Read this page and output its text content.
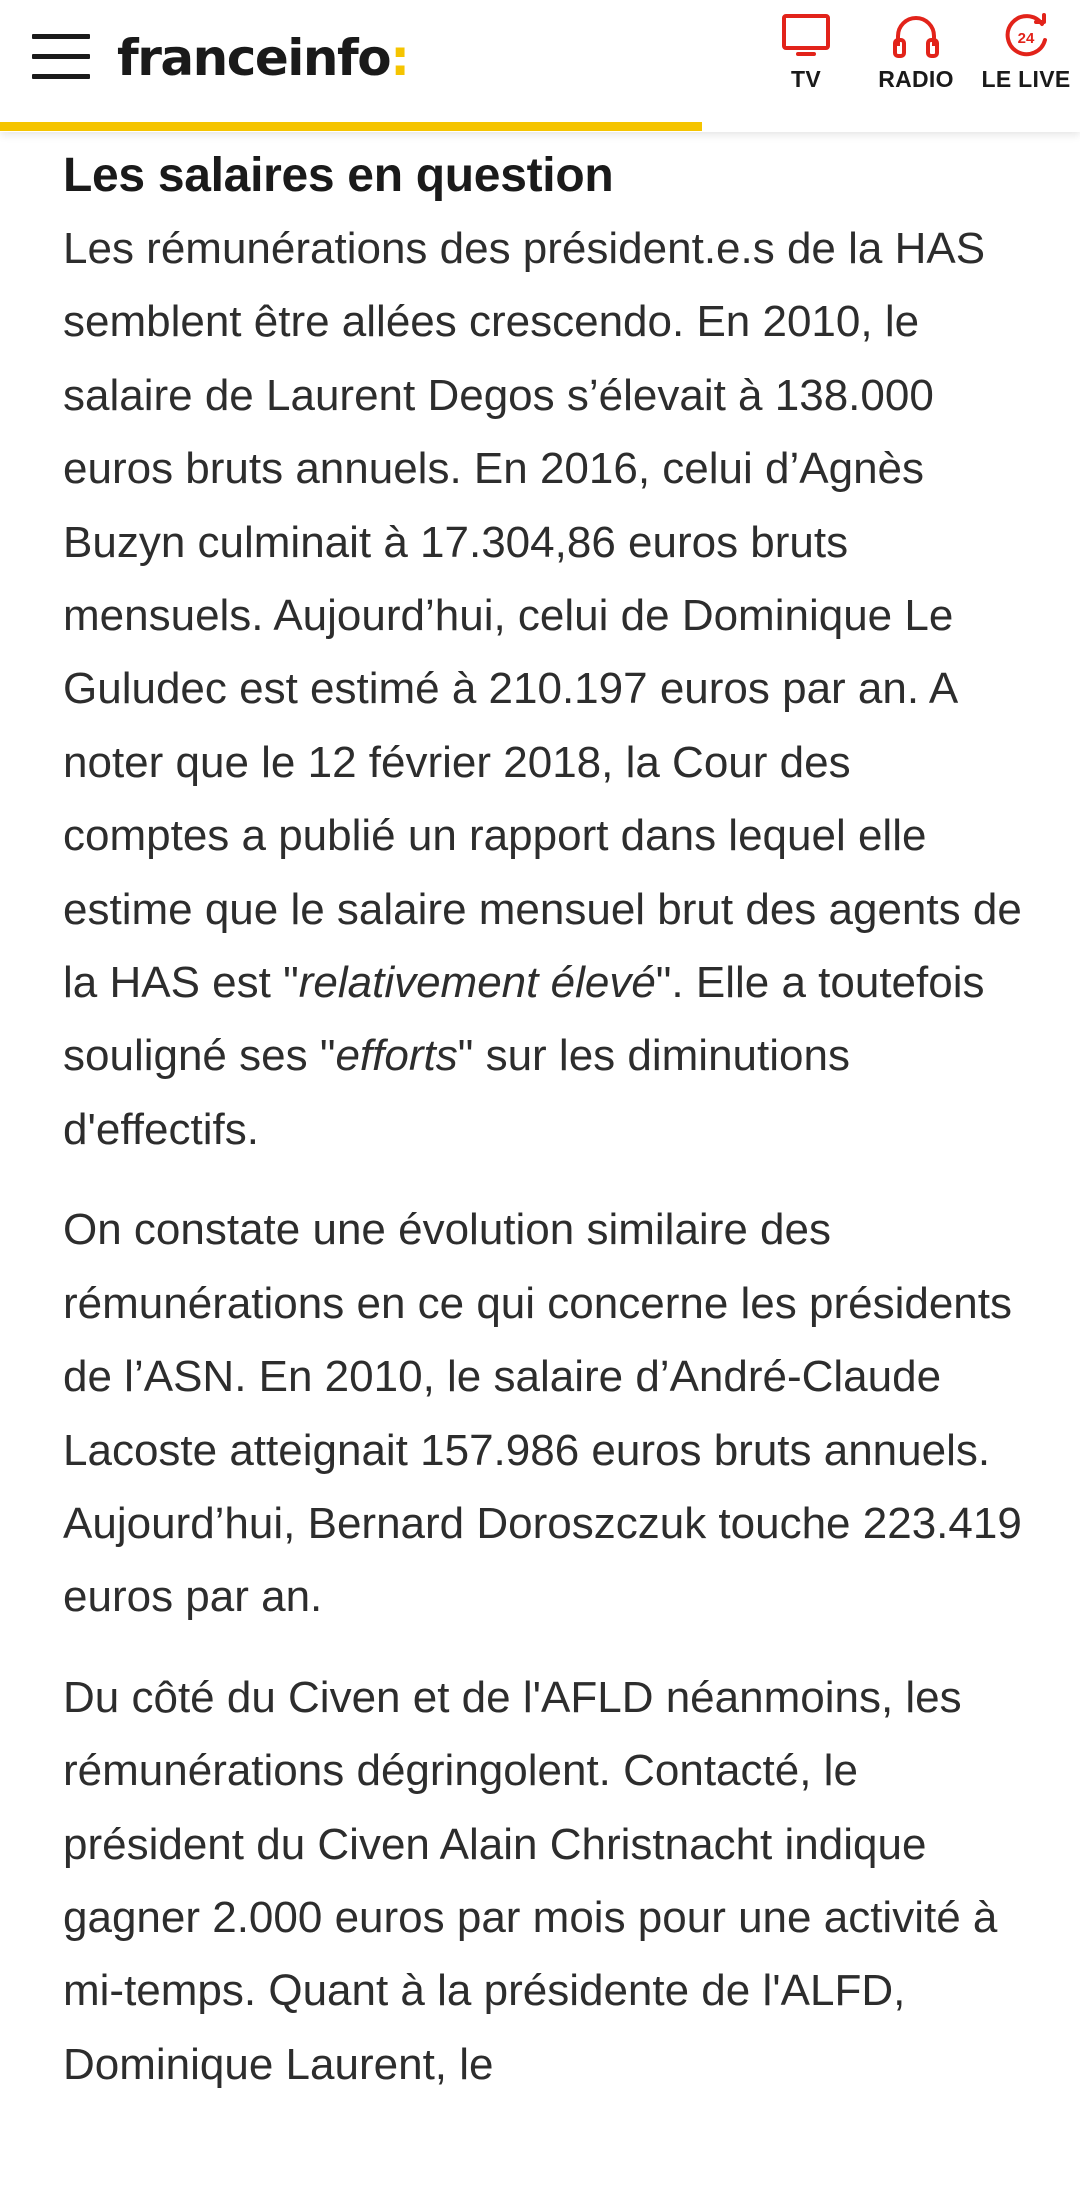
franceinfo:	TV	RADIO
24
LE LIVE
Les salaires en question

Les rémunérations des président.e.s de la HAS semblent être allées crescendo. En 2010, le salaire de Laurent Degos s’élevait à 138.000 euros bruts annuels. En 2016, celui d’Agnès Buzyn culminait à 17.304,86 euros bruts mensuels. Aujourd’hui, celui de Dominique Le Guludec est estimé à 210.197 euros par an. A noter que le 12 février 2018, la Cour des comptes a publié un rapport dans lequel elle estime que le salaire mensuel brut des agents de la HAS est "relativement élevé". Elle a toutefois souligné ses "efforts" sur les diminutions d'effectifs.

On constate une évolution similaire des rémunérations en ce qui concerne les présidents de l’ASN. En 2010, le salaire d’André-Claude Lacoste atteignait 157.986 euros bruts annuels. Aujourd’hui, Bernard Doroszczuk touche 223.419 euros par an.

Du côté du Civen et de l'AFLD néanmoins, les rémunérations dégringolent. Contacté, le président du Civen Alain Christnacht indique gagner 2.000 euros par mois pour une activité à mi-temps. Quant à la présidente de l'ALFD, Dominique Laurent, le
